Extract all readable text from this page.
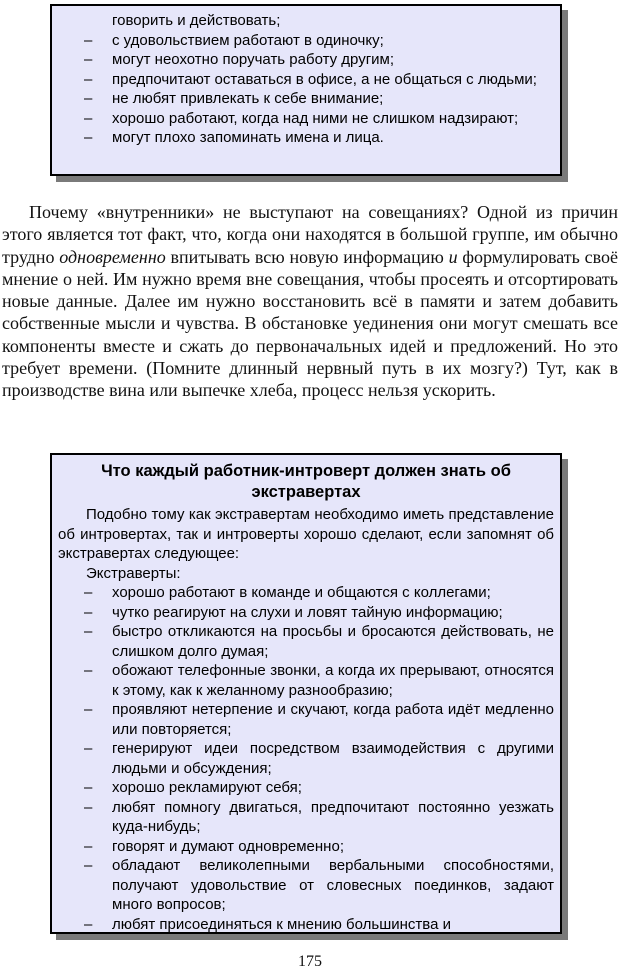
говорить и действовать;
–	с удовольствием работают в одиночку;
–	могут неохотно поручать работу другим;
–	предпочитают оставаться в офисе, а не общаться с людьми;
–	не любят привлекать к себе внимание;
–	хорошо работают, когда над ними не слишком надзирают;
–	могут плохо запоминать имена и лица.

Почему «внутренники» не выступают на совещаниях? Одной из причин этого является тот факт, что, когда они находятся в большой группе, им обычно трудно одновременно впитывать всю новую информацию и формулировать своё мнение о ней. Им нужно время вне совещания, чтобы просеять и отсортировать новые данные. Далее им нужно восстановить всё в памяти и затем добавить собственные мысли и чувства. В обстановке уединения они могут смешать все компоненты вместе и сжать до первоначальных идей и предложений. Но это требует времени. (Помните длинный нервный путь в их мозгу?) Тут, как в производстве вина или выпечке хлеба, процесс нельзя ускорить.

Что каждый работник-интроверт должен знать об экстравертах
Подобно тому как экстравертам необходимо иметь представление об интровертах, так и интроверты хорошо сделают, если запомнят об экстравертах следующее:
Экстраверты:
–	хорошо работают в команде и общаются с коллегами;
–	чутко реагируют на слухи и ловят тайную информацию;
–	быстро откликаются на просьбы и бросаются действовать, не слишком долго думая;
–	обожают телефонные звонки, а когда их прерывают, относятся к этому, как к желанному разнообразию;
–	проявляют нетерпение и скучают, когда работа идёт медленно или повторяется;
–	генерируют идеи посредством взаимодействия с другими людьми и обсуждения;
–	хорошо рекламируют себя;
–	любят помногу двигаться, предпочитают постоянно уезжать куда-нибудь;
–	говорят и думают одновременно;
–	обладают великолепными вербальными способностями, получают удовольствие от словесных поединков, задают много вопросов;
–	любят присоединяться к мнению большинства и
175
